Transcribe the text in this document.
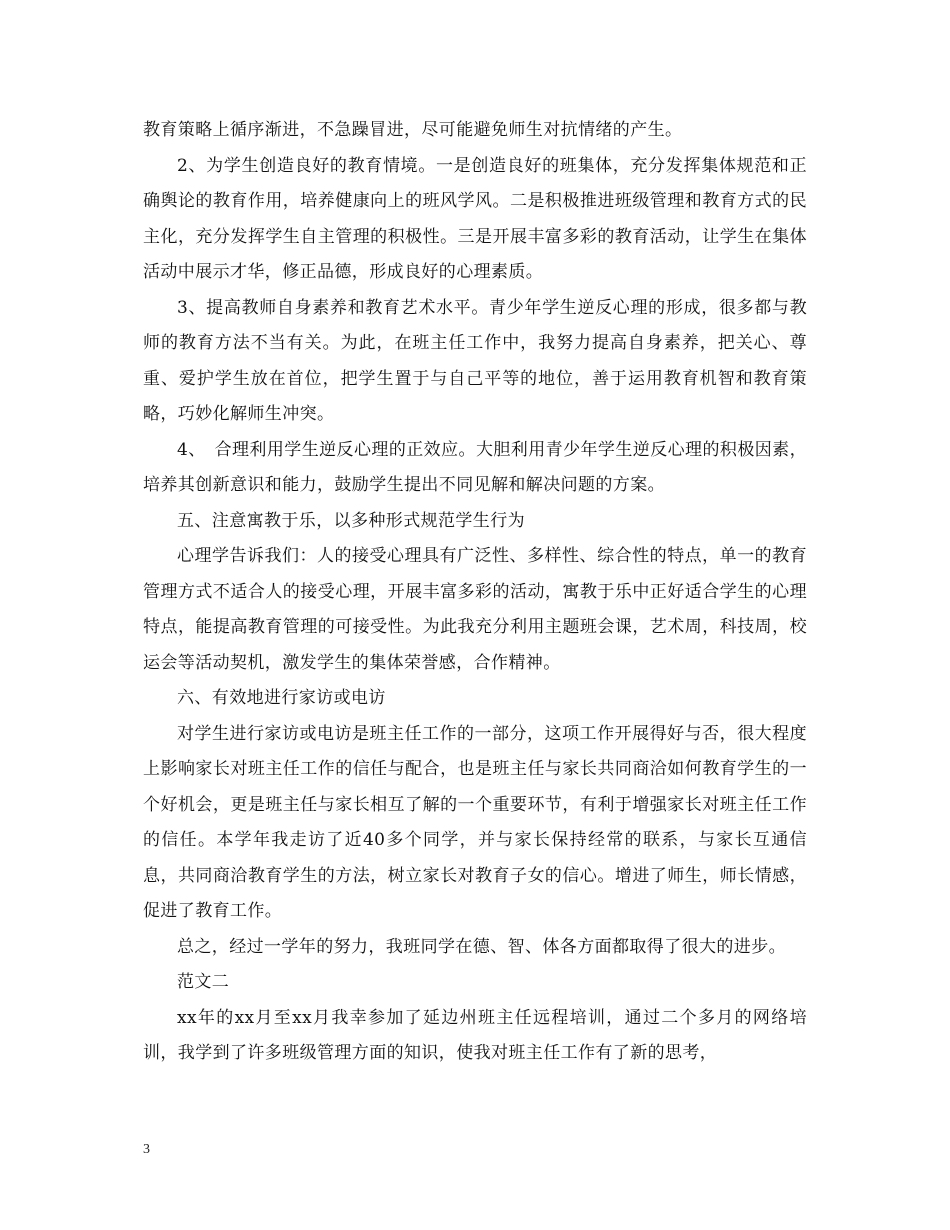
教育策略上循序渐进，不急躁冒进，尽可能避免师生对抗情绪的产生。

2、为学生创造良好的教育情境。一是创造良好的班集体，充分发挥集体规范和正确舆论的教育作用，培养健康向上的班风学风。二是积极推进班级管理和教育方式的民主化，充分发挥学生自主管理的积极性。三是开展丰富多彩的教育活动，让学生在集体活动中展示才华，修正品德，形成良好的心理素质。

3、提高教师自身素养和教育艺术水平。青少年学生逆反心理的形成，很多都与教师的教育方法不当有关。为此，在班主任工作中，我努力提高自身素养，把关心、尊重、爱护学生放在首位，把学生置于与自己平等的地位，善于运用教育机智和教育策略，巧妙化解师生冲突。

4、　合理利用学生逆反心理的正效应。大胆利用青少年学生逆反心理的积极因素，培养其创新意识和能力，鼓励学生提出不同见解和解决问题的方案。

五、注意寓教于乐，以多种形式规范学生行为

心理学告诉我们：人的接受心理具有广泛性、多样性、综合性的特点，单一的教育管理方式不适合人的接受心理，开展丰富多彩的活动，寓教于乐中正好适合学生的心理特点，能提高教育管理的可接受性。为此我充分利用主题班会课，艺术周，科技周，校运会等活动契机，激发学生的集体荣誉感，合作精神。

六、有效地进行家访或电访

对学生进行家访或电访是班主任工作的一部分，这项工作开展得好与否，很大程度上影响家长对班主任工作的信任与配合，也是班主任与家长共同商洽如何教育学生的一个好机会，更是班主任与家长相互了解的一个重要环节，有利于增强家长对班主任工作的信任。本学年我走访了近40多个同学，并与家长保持经常的联系，与家长互通信息，共同商洽教育学生的方法，树立家长对教育子女的信心。增进了师生，师长情感，促进了教育工作。

总之，经过一学年的努力，我班同学在德、智、体各方面都取得了很大的进步。

范文二

xx年的xx月至xx月我幸参加了延边州班主任远程培训，通过二个多月的网络培训，我学到了许多班级管理方面的知识，使我对班主任工作有了新的思考，

3
